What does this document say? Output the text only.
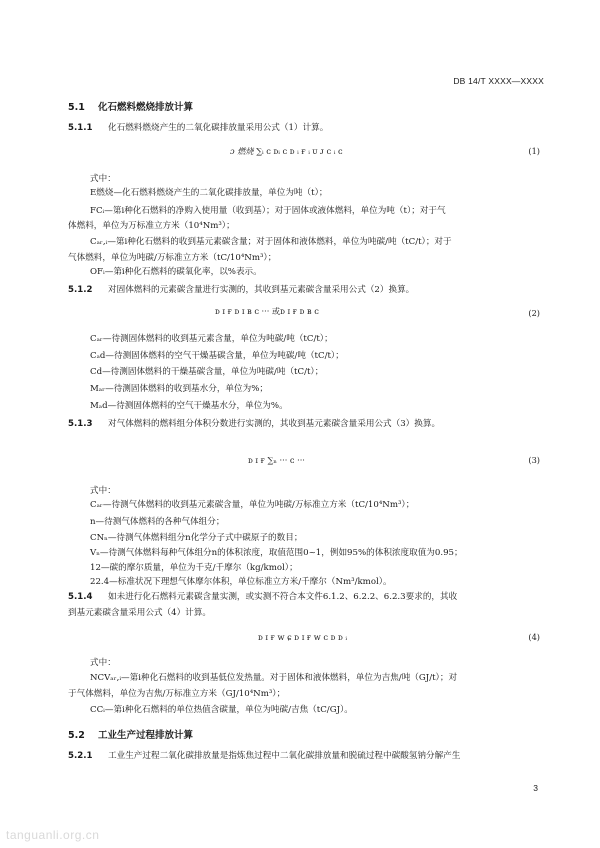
DB 14/T XXXX—XXXX
5.1 化石燃料燃烧排放计算
5.1.1 化石燃料燃烧产生的二氧化碳排放量采用公式（1）计算。
ɔ 燃烧 ∑ᵢ ᴄ ᴅᵢ ᴄ ᴅ ᵢ ғ ᵢ ᴜ ᴊ ᴄ ᵢ ᴄ	(1)
式中：
E燃烧—化石燃料燃烧产生的二氧化碳排放量，单位为吨（t）；
FCᵢ—第i种化石燃料的净购入使用量（收到基）；对于固体或液体燃料，单位为吨（t）；对于气
体燃料，单位为万标准立方米（10⁴Nm³）；
Cₐᵣ,ᵢ—第i种化石燃料的收到基元素碳含量；对于固体和液体燃料，单位为吨碳/吨（tC/t）；对于
气体燃料，单位为吨碳/万标准立方米（tC/10⁴Nm³）；
OFᵢ—第i种化石燃料的碳氧化率，以%表示。
5.1.2 对固体燃料的元素碳含量进行实测的，其收到基元素碳含量采用公式（2）换算。
ᴅ ɪ ғ ᴅ ɪ ʙ ᴄ ··· 或ᴅ ɪ ғ ᴅ ʙ ᴄ	(2)
Cₐᵣ—待测固体燃料的收到基元素含量，单位为吨碳/吨（tC/t）；
Cₐd—待测固体燃料的空气干燥基碳含量，单位为吨碳/吨（tC/t）；
Cd—待测固体燃料的干燥基碳含量，单位为吨碳/吨（tC/t）；
Mₐᵣ—待测固体燃料的收到基水分，单位为%；
Mₐd—待测固体燃料的空气干燥基水分，单位为%。
5.1.3 对气体燃料的燃料组分体积分数进行实测的，其收到基元素碳含量采用公式（3）换算。
ᴅ ɪ ғ ∑ₙ ··· ᴄ ···	(3)
式中：
Cₐᵣ—待测气体燃料的收到基元素碳含量，单位为吨碳/万标准立方米（tC/10⁴Nm³）；
n—待测气体燃料的各种气体组分；
CNₙ—待测气体燃料组分n化学分子式中碳原子的数目；
Vₙ—待测气体燃料每种气体组分n的体积浓度，取值范围0~1，例如95%的体积浓度取值为0.95；
12—碳的摩尔质量，单位为千克/千摩尔（kg/kmol）；
22.4—标准状况下理想气体摩尔体积，单位标准立方米/千摩尔（Nm³/kmol）。
5.1.4 如未进行化石燃料元素碳含量实测，或实测不符合本文件6.1.2、6.2.2、6.2.3要求的，其收
到基元素碳含量采用公式（4）计算。
ᴅ ɪ ғ ᴡ ɕ ᴅ ɪ ғ ᴡ ᴄ ᴅ ᴅ ᵢ	(4)
式中：
NCVₐᵣ,ᵢ—第i种化石燃料的收到基低位发热量。对于固体和液体燃料，单位为吉焦/吨（GJ/t）；对
于气体燃料，单位为吉焦/万标准立方米（GJ/10⁴Nm³）；
CCᵢ—第i种化石燃料的单位热值含碳量，单位为吨碳/吉焦（tC/GJ）。
5.2 工业生产过程排放计算
5.2.1 工业生产过程二氧化碳排放量是指炼焦过程中二氧化碳排放量和脱硫过程中碳酸氢钠分解产生
3
tanguanli.org.cn
